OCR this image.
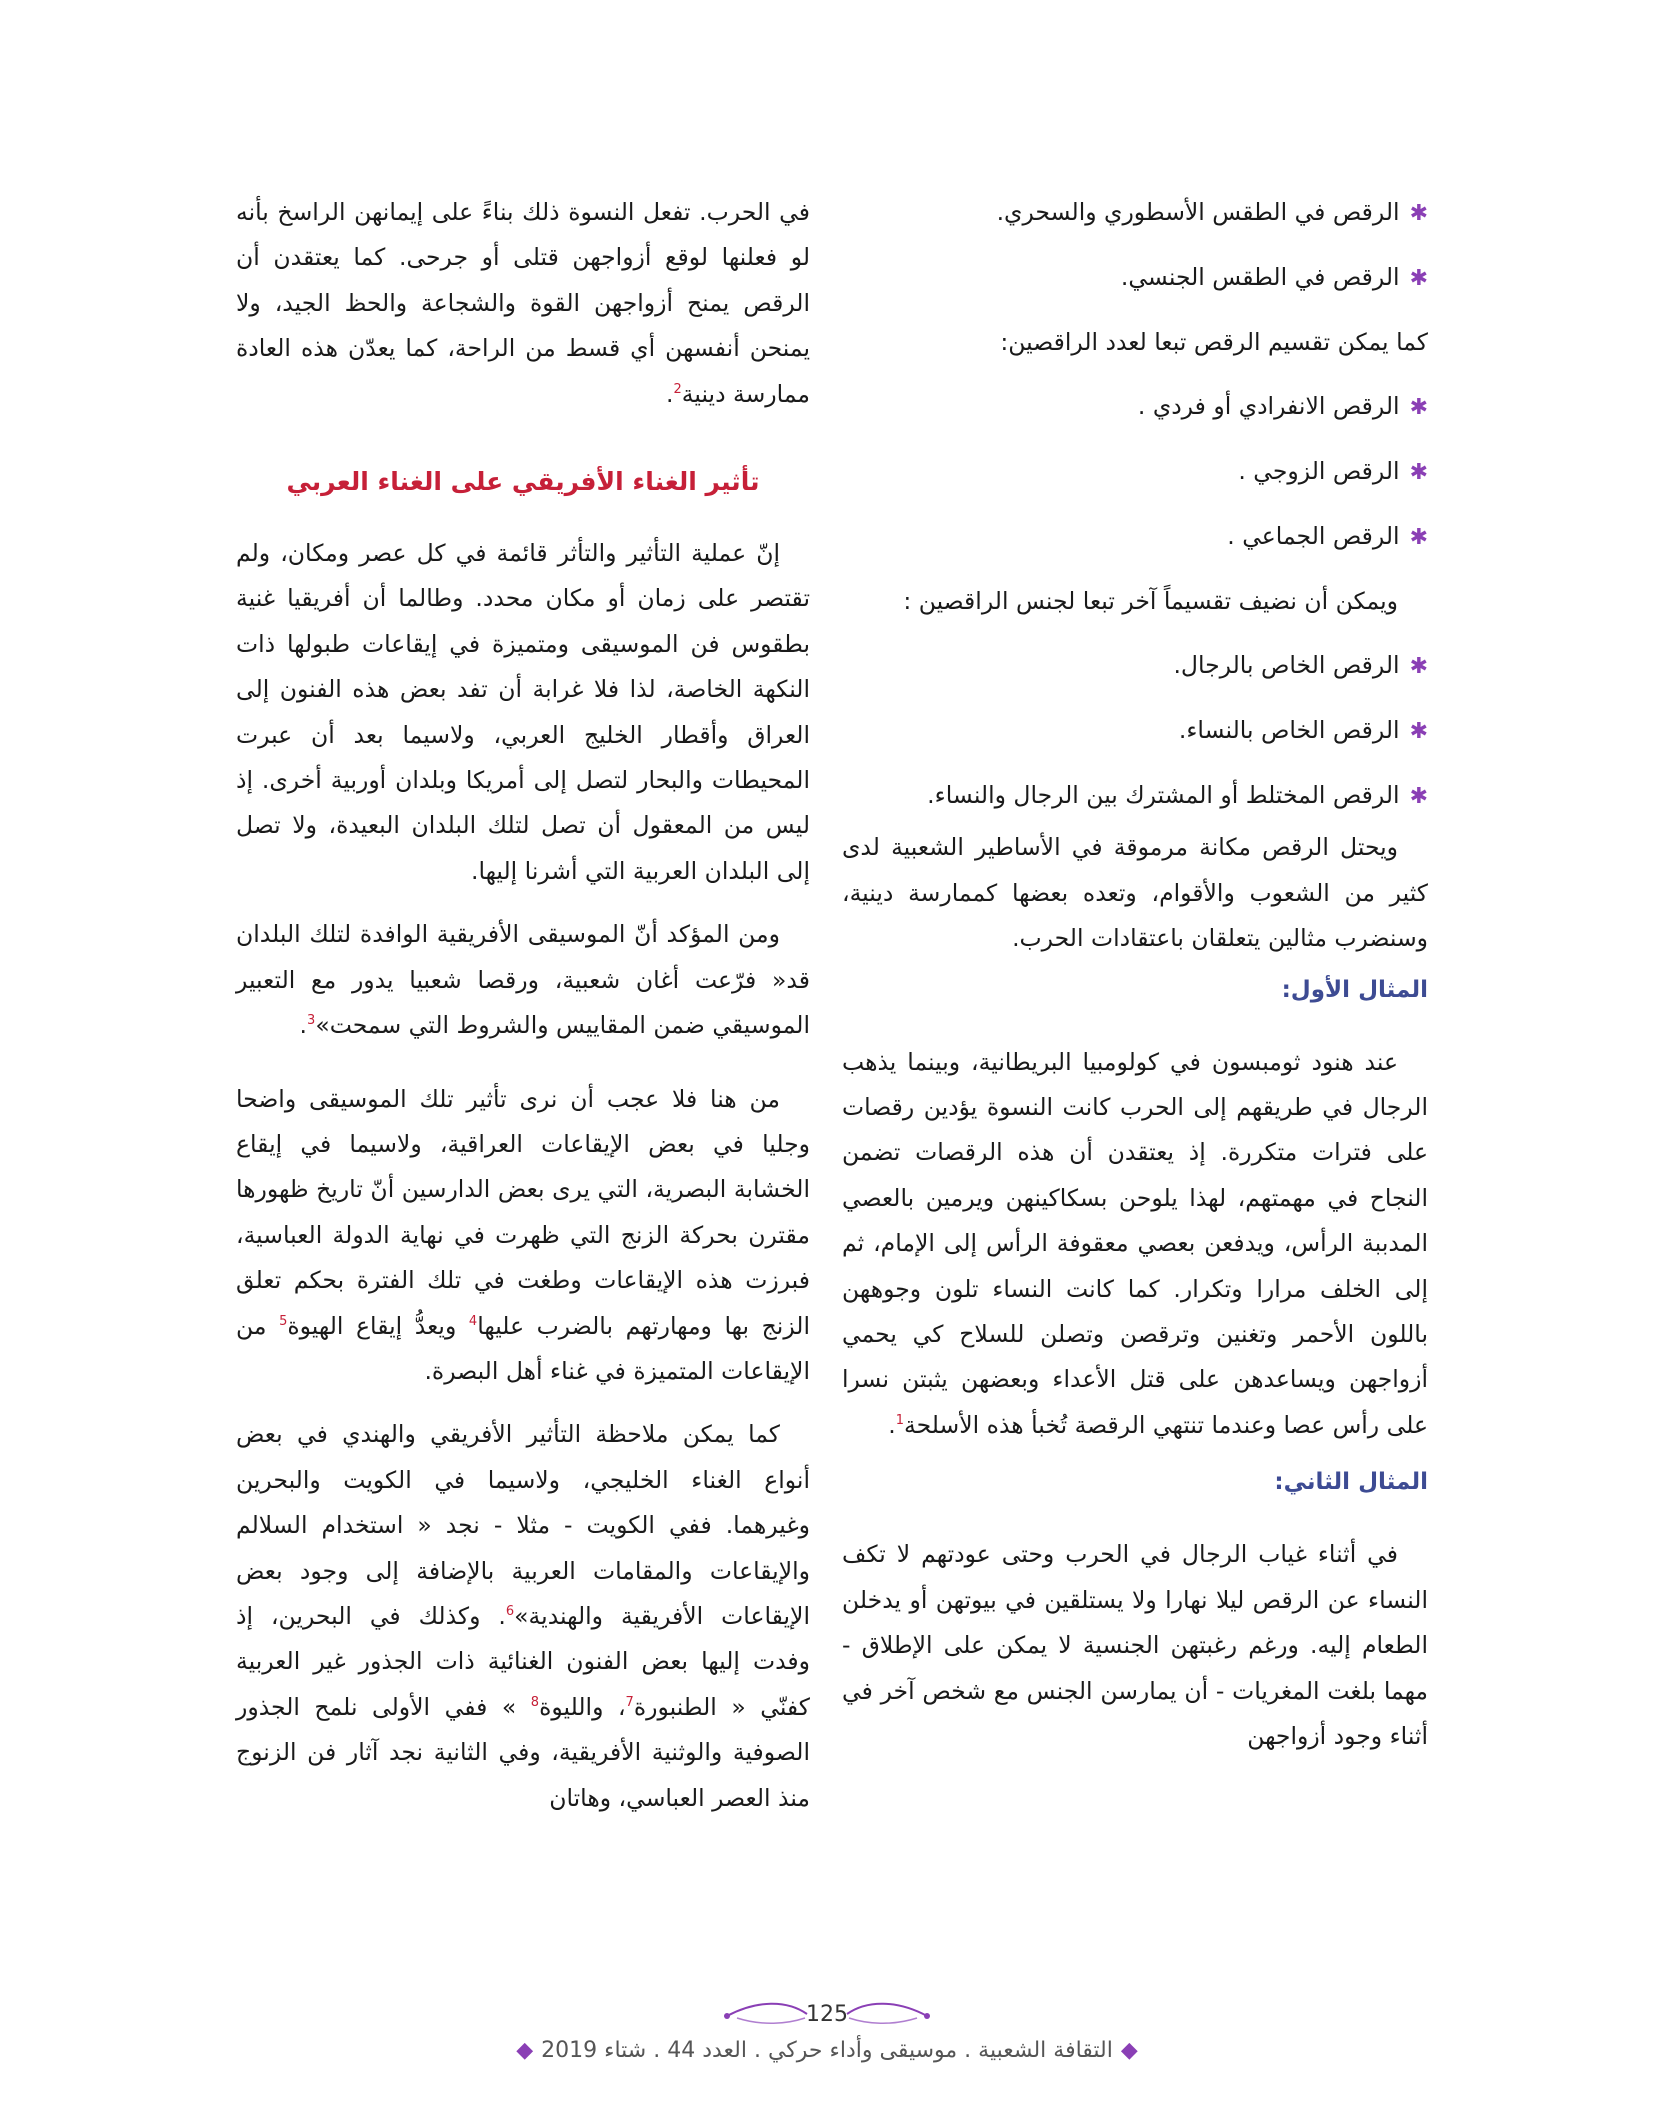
✱الرقص في الطقس الأسطوري والسحري.
✱الرقص في الطقس الجنسي.
كما يمكن تقسيم الرقص تبعا لعدد الراقصين:
✱الرقص الانفرادي أو فردي .
✱الرقص الزوجي .
✱الرقص الجماعي .

ويمكن أن نضيف تقسيماً آخر تبعا لجنس الراقصين :

✱الرقص الخاص بالرجال.
✱الرقص الخاص بالنساء.
✱الرقص المختلط أو المشترك بين الرجال والنساء.

ويحتل الرقص مكانة مرموقة في الأساطير الشعبية لدى كثير من الشعوب والأقوام، وتعده بعضها كممارسة دينية، وسنضرب مثالين يتعلقان باعتقادات الحرب.

المثال الأول:

عند هنود ثومبسون في كولومبيا البريطانية، وبينما يذهب الرجال في طريقهم إلى الحرب كانت النسوة يؤدين رقصات على فترات متكررة. إذ يعتقدن أن هذه الرقصات تضمن النجاح في مهمتهم، لهذا يلوحن بسكاكينهن ويرمين بالعصي المدببة الرأس، ويدفعن بعصي معقوفة الرأس إلى الإمام، ثم إلى الخلف مرارا وتكرار. كما كانت النساء تلون وجوههن باللون الأحمر وتغنين وترقصن وتصلن للسلاح كي يحمي أزواجهن ويساعدهن على قتل الأعداء وبعضهن يثبتن نسرا على رأس عصا وعندما تنتهي الرقصة تُخبأ هذه الأسلحة$^1$.

المثال الثاني:

في أثناء غياب الرجال في الحرب وحتى عودتهم لا تكف النساء عن الرقص ليلا نهارا ولا يستلقين في بيوتهن أو يدخلن الطعام إليه. ورغم رغبتهن الجنسية لا يمكن على الإطلاق - مهما بلغت المغريات - أن يمارسن الجنس مع شخص آخر في أثناء وجود أزواجهن

في الحرب. تفعل النسوة ذلك بناءً على إيمانهن الراسخ بأنه لو فعلنها لوقع أزواجهن قتلى أو جرحى. كما يعتقدن أن الرقص يمنح أزواجهن القوة والشجاعة والحظ الجيد، ولا يمنحن أنفسهن أي قسط من الراحة، كما يعدّن هذه العادة ممارسة دينية$^2$.

تأثير الغناء الأفريقي على الغناء العربي

إنّ عملية التأثير والتأثر قائمة في كل عصر ومكان، ولم تقتصر على زمان أو مكان محدد. وطالما أن أفريقيا غنية بطقوس فن الموسيقى ومتميزة في إيقاعات طبولها ذات النكهة الخاصة، لذا فلا غرابة أن تفد بعض هذه الفنون إلى العراق وأقطار الخليج العربي، ولاسيما بعد أن عبرت المحيطات والبحار لتصل إلى أمريكا وبلدان أوربية أخرى. إذ ليس من المعقول أن تصل لتلك البلدان البعيدة، ولا تصل إلى البلدان العربية التي أشرنا إليها.

ومن المؤكد أنّ الموسيقى الأفريقية الوافدة لتلك البلدان قد« فرّعت أغان شعبية، ورقصا شعبيا يدور مع التعبير الموسيقي ضمن المقاييس والشروط التي سمحت»$^3$.

من هنا فلا عجب أن نرى تأثير تلك الموسيقى واضحا وجليا في بعض الإيقاعات العراقية، ولاسيما في إيقاع الخشابة البصرية، التي يرى بعض الدارسين أنّ تاريخ ظهورها مقترن بحركة الزنج التي ظهرت في نهاية الدولة العباسية، فبرزت هذه الإيقاعات وطغت في تلك الفترة بحكم تعلق الزنج بها ومهارتهم بالضرب عليها$^4$ ويعدُّ إيقاع الهيوة$^5$ من الإيقاعات المتميزة في غناء أهل البصرة.

كما يمكن ملاحظة التأثير الأفريقي والهندي في بعض أنواع الغناء الخليجي، ولاسيما في الكويت والبحرين وغيرهما. ففي الكويت - مثلا - نجد « استخدام السلالم والإيقاعات والمقامات العربية بالإضافة إلى وجود بعض الإيقاعات الأفريقية والهندية»$^6$. وكذلك في البحرين، إذ وفدت إليها بعض الفنون الغنائية ذات الجذور غير العربية كفنّي « الطنبورة$^7$، والليوة$^8$ » ففي الأولى نلمح الجذور الصوفية والوثنية الأفريقية، وفي الثانية نجد آثار فن الزنوج منذ العصر العباسي، وهاتان

125
◆التقافة الشعبية . موسيقى وأداء حركي . العدد 44 . شتاء 2019◆
